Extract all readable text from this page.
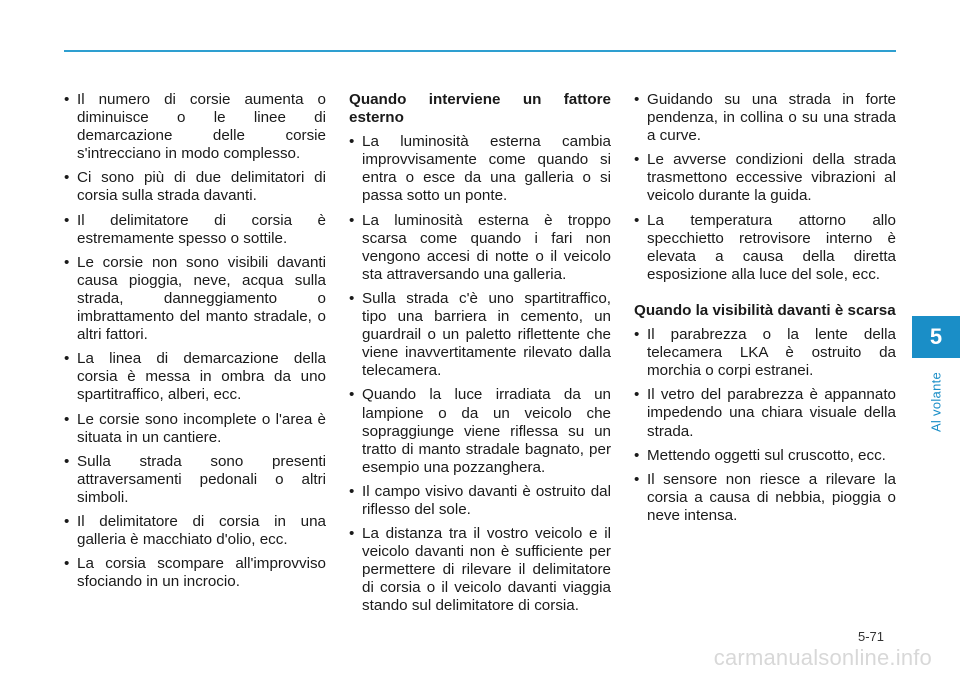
• Il numero di corsie aumenta o diminuisce o le linee di demarcazione delle corsie s'intrecciano in modo complesso.
• Ci sono più di due delimitatori di corsia sulla strada davanti.
• Il delimitatore di corsia è estremamente spesso o sottile.
• Le corsie non sono visibili davanti causa pioggia, neve, acqua sulla strada, danneggiamento o imbrattamento del manto stradale, o altri fattori.
• La linea di demarcazione della corsia è messa in ombra da uno spartitraffico, alberi, ecc.
• Le corsie sono incomplete o l'area è situata in un cantiere.
• Sulla strada sono presenti attraversamenti pedonali o altri simboli.
• Il delimitatore di corsia in una galleria è macchiato d'olio, ecc.
• La corsia scompare all'improvviso sfociando in un incrocio.
Quando interviene un fattore esterno
• La luminosità esterna cambia improvvisamente come quando si entra o esce da una galleria o si passa sotto un ponte.
• La luminosità esterna è troppo scarsa come quando i fari non vengono accesi di notte o il veicolo sta attraversando una galleria.
• Sulla strada c'è uno spartitraffico, tipo una barriera in cemento, un guardrail o un paletto riflettente che viene inavvertitamente rilevato dalla telecamera.
• Quando la luce irradiata da un lampione o da un veicolo che sopraggiunge viene riflessa su un tratto di manto stradale bagnato, per esempio una pozzanghera.
• Il campo visivo davanti è ostruito dal riflesso del sole.
• La distanza tra il vostro veicolo e il veicolo davanti non è sufficiente per permettere di rilevare il delimitatore di corsia o il veicolo davanti viaggia stando sul delimitatore di corsia.
• Guidando su una strada in forte pendenza, in collina o su una strada a curve.
• Le avverse condizioni della strada trasmettono eccessive vibrazioni al veicolo durante la guida.
• La temperatura attorno allo specchietto retrovisore interno è elevata a causa della diretta esposizione alla luce del sole, ecc.
Quando la visibilità davanti è scarsa
• Il parabrezza o la lente della telecamera LKA è ostruito da morchia o corpi estranei.
• Il vetro del parabrezza è appannato impedendo una chiara visuale della strada.
• Mettendo oggetti sul cruscotto, ecc.
• Il sensore non riesce a rilevare la corsia a causa di nebbia, pioggia o neve intensa.
5
Al volante
5-71
carmanualsonline.info
